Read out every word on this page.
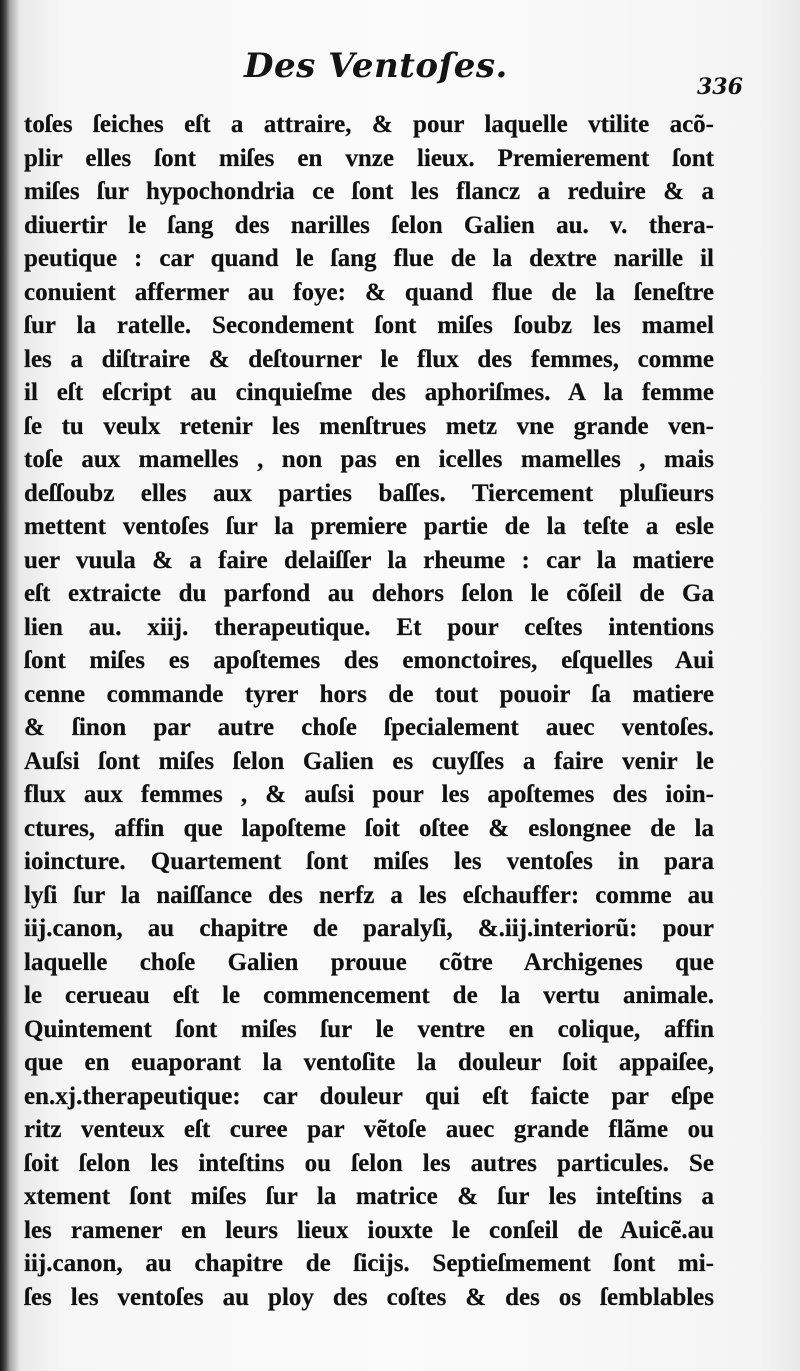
Des Ventoſes.
336
toſes ſeiches eſt a attraire, & pour laquelle vtilite acõ-
plir elles ſont miſes en vnze lieux. Premierement ſont
miſes ſur hypochondria ce ſont les flancz a reduire & a
diuertir le ſang des narilles ſelon Galien au. v. thera-
peutique : car quand le ſang flue de la dextre narille il
conuient affermer au foye: & quand flue de la ſeneſtre
ſur la ratelle. Secondement ſont miſes ſoubz les mamel
les a diſtraire & deſtourner le flux des femmes, comme
il eſt eſcript au cinquieſme des aphoriſmes. A la femme
ſe tu veulx retenir les menſtrues metz vne grande ven-
toſe aux mamelles , non pas en icelles mamelles , mais
deſſoubz elles aux parties baſſes. Tiercement pluſieurs
mettent ventoſes ſur la premiere partie de la teſte a esle
uer vuula & a faire delaiſſer la rheume : car la matiere
eſt extraicte du parfond au dehors ſelon le cõſeil de Ga
lien au. xiij. therapeutique. Et pour ceſtes intentions
ſont miſes es apoſtemes des emonctoires, eſquelles Aui
cenne commande tyrer hors de tout pouoir ſa matiere
& ſinon par autre choſe ſpecialement auec ventoſes.
Auſsi ſont miſes ſelon Galien es cuyſſes a faire venir le
flux aux femmes , & auſsi pour les apoſtemes des ioin-
ctures, affin que lapoſteme ſoit oſtee & eslongnee de la
ioincture. Quartement ſont miſes les ventoſes in para
lyſi ſur la naiſſance des nerfz a les eſchauffer: comme au
iij.canon, au chapitre de paralyſi, &.iij.interiorũ: pour
laquelle choſe Galien prouue cõtre Archigenes que
le cerueau eſt le commencement de la vertu animale.
Quintement ſont miſes ſur le ventre en colique, affin
que en euaporant la ventoſite la douleur ſoit appaiſee,
en.xj.therapeutique: car douleur qui eſt faicte par eſpe
ritz venteux eſt curee par vẽtoſe auec grande flãme ou
ſoit ſelon les inteſtins ou ſelon les autres particules. Se
xtement ſont miſes ſur la matrice & ſur les inteſtins a
les ramener en leurs lieux iouxte le conſeil de Auicẽ.au
iij.canon, au chapitre de ſicijs. Septieſmement ſont mi-
ſes les ventoſes au ploy des coſtes & des os ſemblables
